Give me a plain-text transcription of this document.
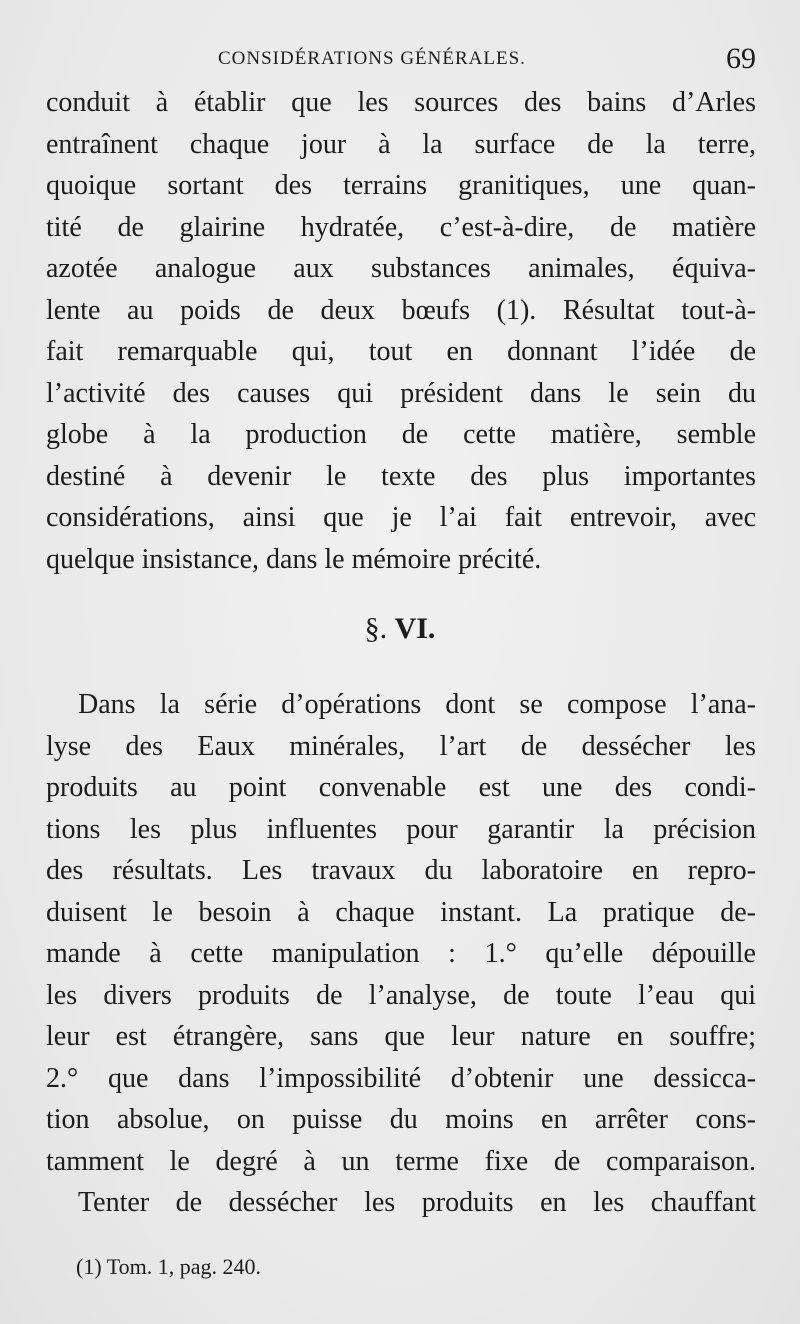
CONSIDÉRATIONS GÉNÉRALES.	69
conduit à établir que les sources des bains d’Arles
entraînent chaque jour à la surface de la terre,
quoique sortant des terrains granitiques, une quan-
tité de glairine hydratée, c’est-à-dire, de matière
azotée analogue aux substances animales, équiva-
lente au poids de deux bœufs (1). Résultat tout-à-
fait remarquable qui, tout en donnant l’idée de
l’activité des causes qui président dans le sein du
globe à la production de cette matière, semble
destiné à devenir le texte des plus importantes
considérations, ainsi que je l’ai fait entrevoir, avec
quelque insistance, dans le mémoire précité.
§. VI.
Dans la série d’opérations dont se compose l’ana-
lyse des Eaux minérales, l’art de dessécher les
produits au point convenable est une des condi-
tions les plus influentes pour garantir la précision
des résultats. Les travaux du laboratoire en repro-
duisent le besoin à chaque instant. La pratique de-
mande à cette manipulation : 1.° qu’elle dépouille
les divers produits de l’analyse, de toute l’eau qui
leur est étrangère, sans que leur nature en souffre;
2.° que dans l’impossibilité d’obtenir une dessicca-
tion absolue, on puisse du moins en arrêter cons-
tamment le degré à un terme fixe de comparaison.
Tenter de dessécher les produits en les chauffant
(1) Tom. 1, pag. 240.
